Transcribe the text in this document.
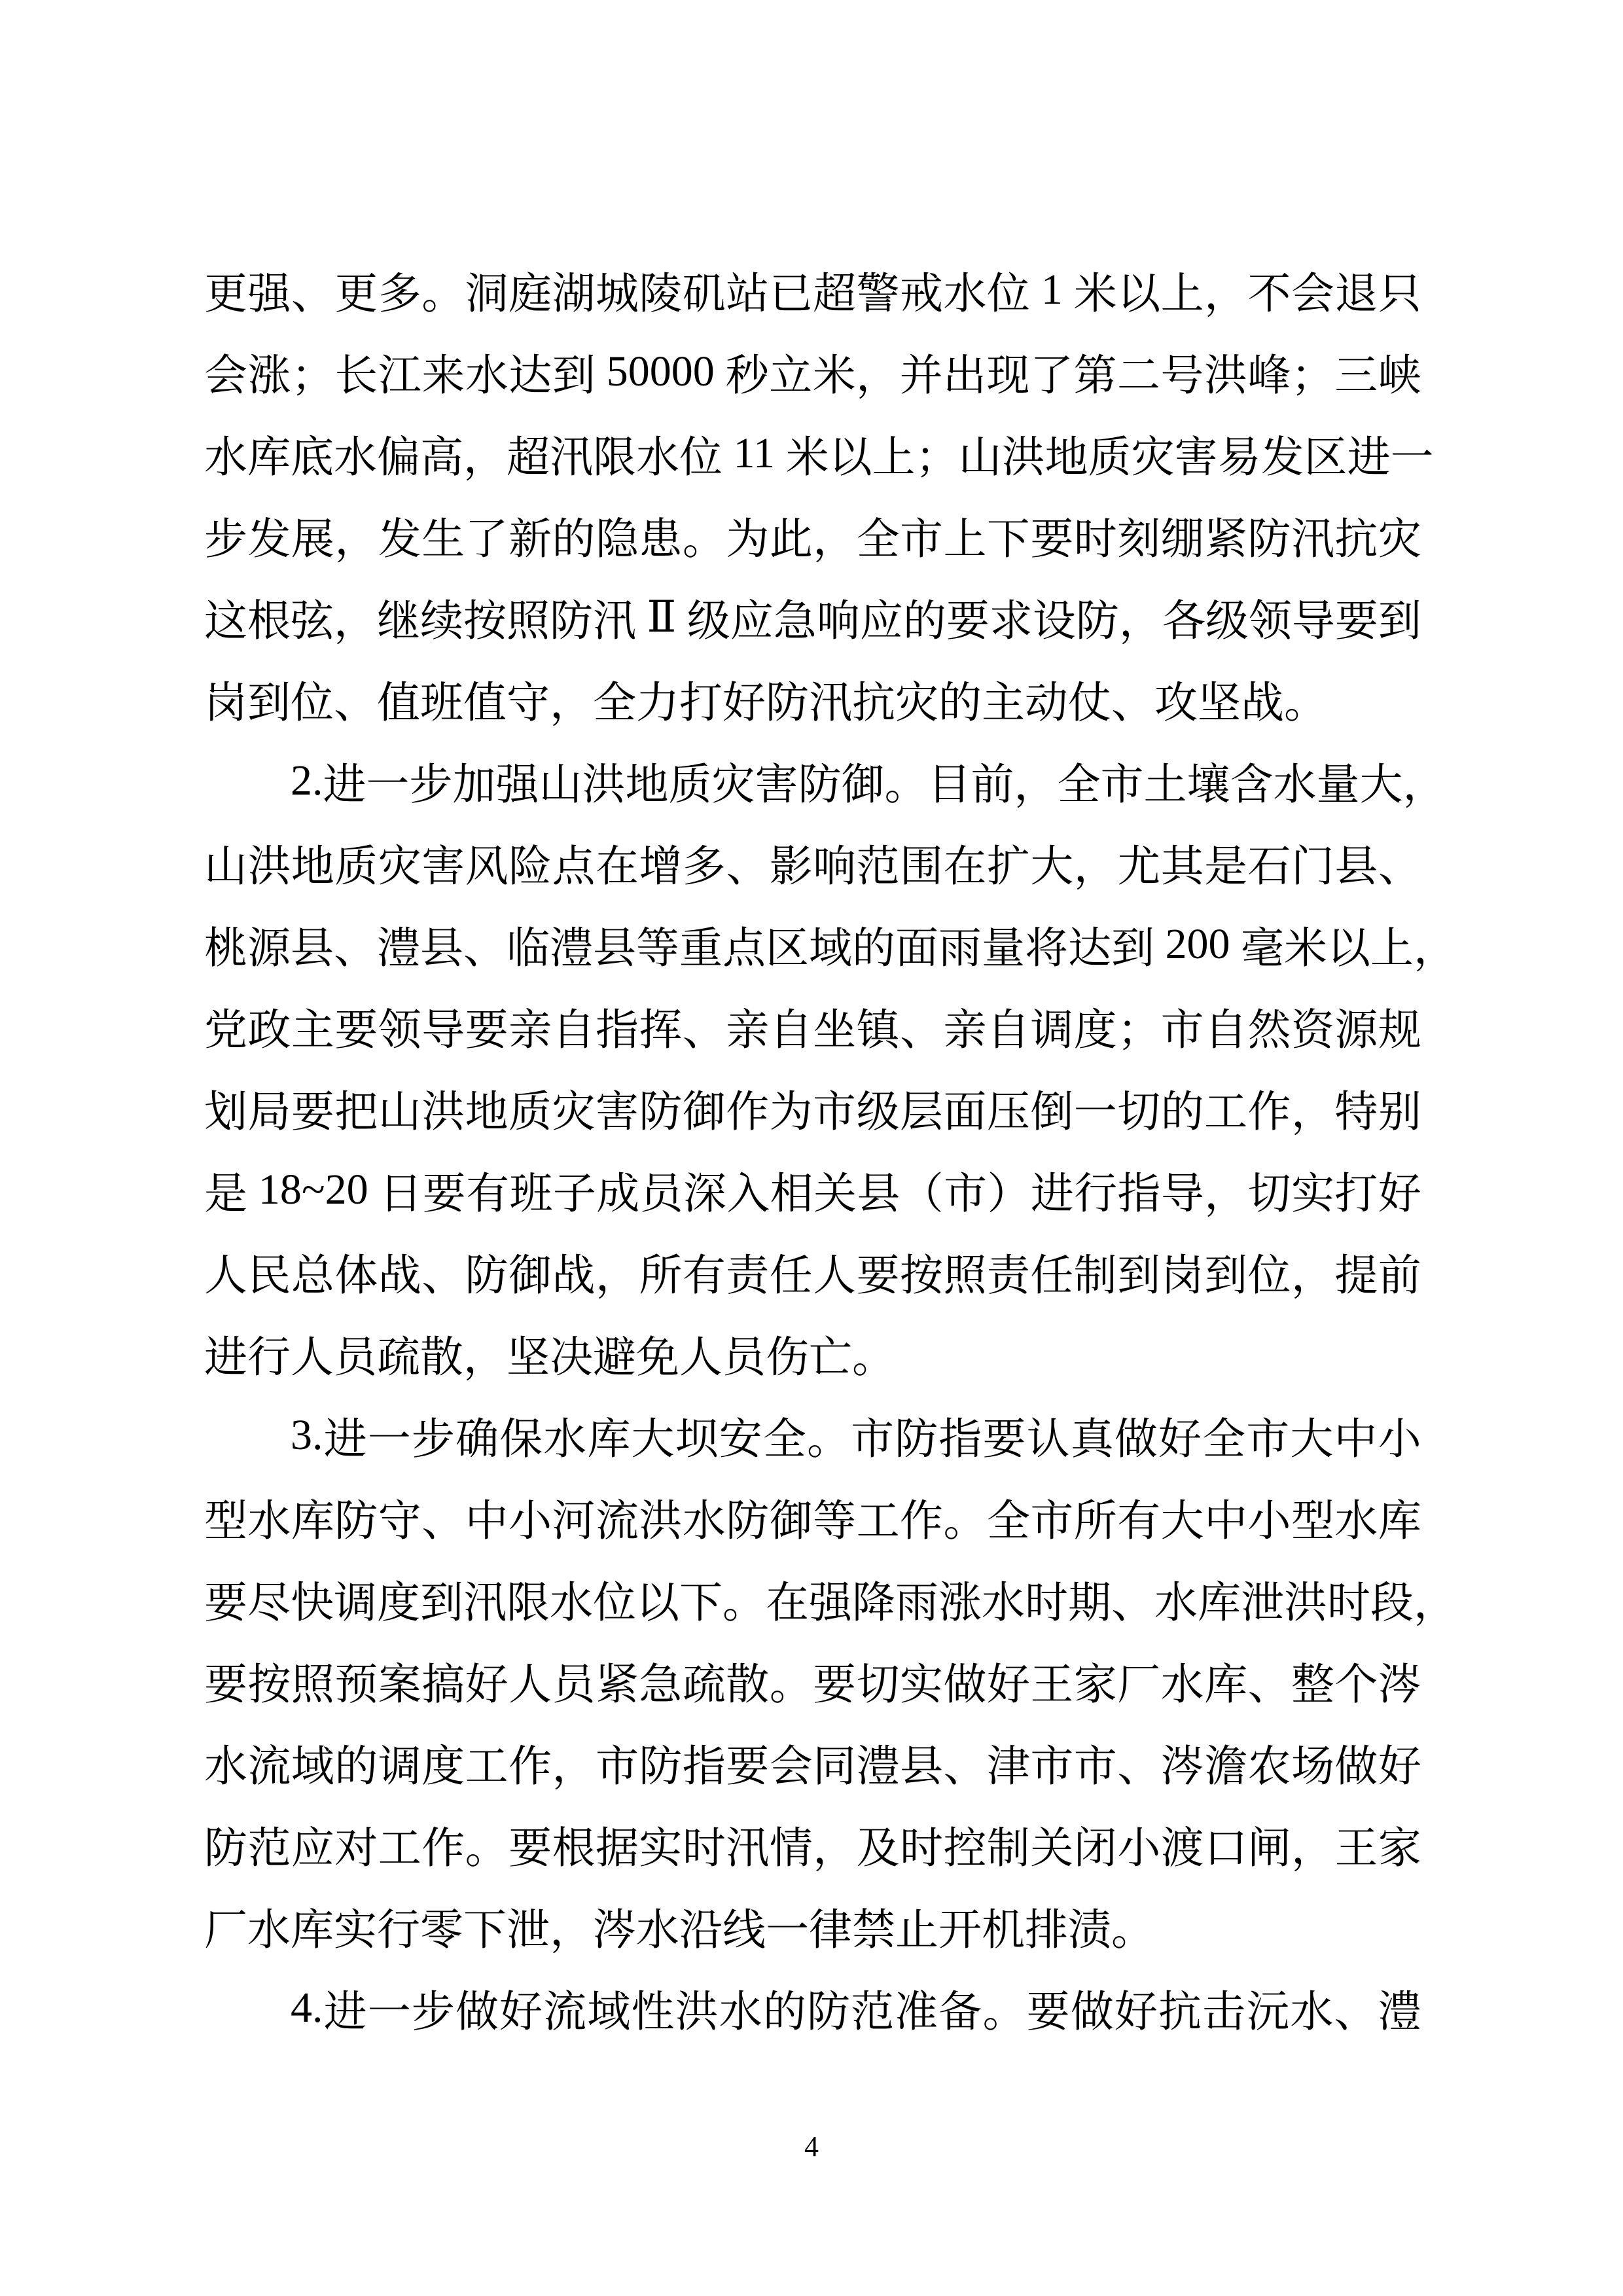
更 强 、 更 多 。 洞 庭 湖 城 陵 矶 站 已 超 警 戒 水 位 1 米 以 上 ， 不 会 退 只
会 涨 ； 长 江 来 水 达 到 50000 秒 立 米 ， 并 出 现 了 第 二 号 洪 峰 ； 三 峡
水 库 底 水 偏 高 ， 超 汛 限 水 位 11 米 以 上 ； 山 洪 地 质 灾 害 易 发 区 进 一
步 发 展 ， 发 生 了 新 的 隐 患 。 为 此 ， 全 市 上 下 要 时 刻 绷 紧 防 汛 抗 灾
这 根 弦 ， 继 续 按 照 防 汛
Ⅱ
级 应 急 响 应 的 要 求 设 防 ， 各 级 领 导 要 到
岗 到 位 、 值 班 值 守 ， 全 力 打 好 防 汛 抗 灾 的 主 动 仗 、 攻 坚 战 。
2. 进 一 步 加 强 山 洪 地 质 灾 害 防 御 。 目 前 ， 全 市 土 壤 含 水 量 大 ，
山 洪 地 质 灾 害 风 险 点 在 增 多 、 影 响 范 围 在 扩 大 ， 尤 其 是 石 门 县 、
桃 源 县 、 澧 县 、 临 澧 县 等 重 点 区 域 的 面 雨 量 将 达 到 200 毫 米 以 上 ，
党 政 主 要 领 导 要 亲 自 指 挥 、 亲 自 坐 镇 、 亲 自 调 度 ； 市 自 然 资 源 规
划 局 要 把 山 洪 地 质 灾 害 防 御 作 为 市 级 层 面 压 倒 一 切 的 工 作 ， 特 别
是 18~20 日 要 有 班 子 成 员 深 入 相 关 县 （ 市 ） 进 行 指 导 ， 切 实 打 好
人 民 总 体 战 、 防 御 战 ， 所 有 责 任 人 要 按 照 责 任 制 到 岗 到 位 ， 提 前
进 行 人 员 疏 散 ， 坚 决 避 免 人 员 伤 亡 。
3. 进 一 步 确 保 水 库 大 坝 安 全 。 市 防 指 要 认 真 做 好 全 市 大 中 小
型 水 库 防 守 、 中 小 河 流 洪 水 防 御 等 工 作 。 全 市 所 有 大 中 小 型 水 库
要 尽 快 调 度 到 汛 限 水 位 以 下 。 在 强 降 雨 涨 水 时 期 、 水 库 泄 洪 时 段 ，
要 按 照 预 案 搞 好 人 员 紧 急 疏 散 。 要 切 实 做 好 王 家 厂 水 库 、 整 个 涔
水 流 域 的 调 度 工 作 ， 市 防 指 要 会 同 澧 县 、 津 市 市 、 涔 澹 农 场 做 好
防 范 应 对 工 作 。 要 根 据 实 时 汛 情 ， 及 时 控 制 关 闭 小 渡 口 闸 ， 王 家
厂 水 库 实 行 零 下 泄 ， 涔 水 沿 线 一 律 禁 止 开 机 排 渍 。
4. 进 一 步 做 好 流 域 性 洪 水 的 防 范 准 备 。 要 做 好 抗 击 沅 水 、 澧
4
